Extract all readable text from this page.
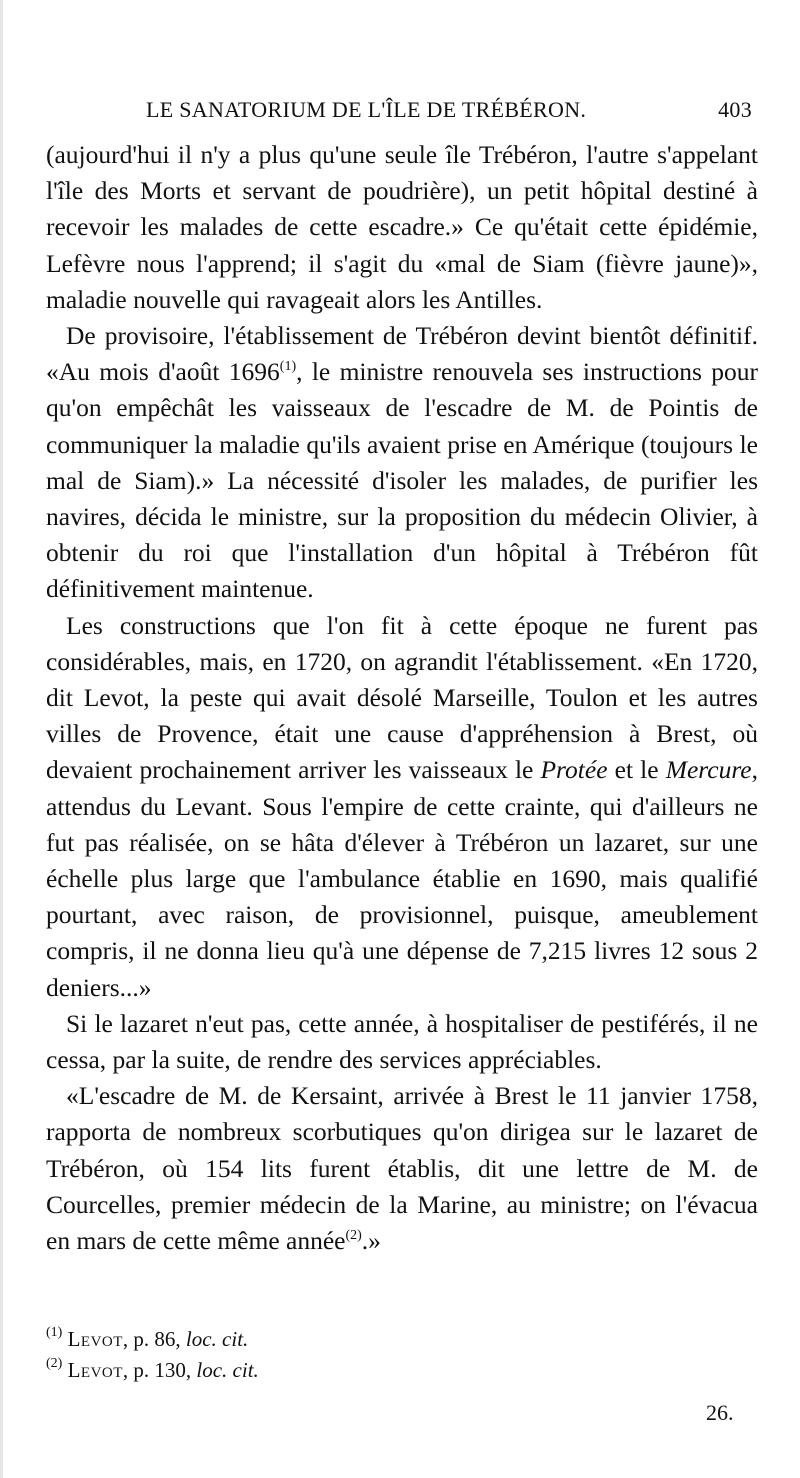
LE SANATORIUM DE L'ÎLE DE TRÉBÉRON.	403

(aujourd'hui il n'y a plus qu'une seule île Trébéron, l'autre s'appelant l'île des Morts et servant de poudrière), un petit hôpital destiné à recevoir les malades de cette escadre.» Ce qu'était cette épidémie, Lefèvre nous l'apprend; il s'agit du «mal de Siam (fièvre jaune)», maladie nouvelle qui ravageait alors les Antilles.

De provisoire, l'établissement de Trébéron devint bientôt définitif. «Au mois d'août 1696$^{(1)}$, le ministre renouvela ses instructions pour qu'on empêchât les vaisseaux de l'escadre de M. de Pointis de communiquer la maladie qu'ils avaient prise en Amérique (toujours le mal de Siam).» La nécessité d'isoler les malades, de purifier les navires, décida le ministre, sur la proposition du médecin Olivier, à obtenir du roi que l'installation d'un hôpital à Trébéron fût définitivement maintenue.

Les constructions que l'on fit à cette époque ne furent pas considérables, mais, en 1720, on agrandit l'établissement. «En 1720, dit Levot, la peste qui avait désolé Marseille, Toulon et les autres villes de Provence, était une cause d'appréhension à Brest, où devaient prochainement arriver les vaisseaux le Protée et le Mercure, attendus du Levant. Sous l'empire de cette crainte, qui d'ailleurs ne fut pas réalisée, on se hâta d'élever à Trébéron un lazaret, sur une échelle plus large que l'ambulance établie en 1690, mais qualifié pourtant, avec raison, de provisionnel, puisque, ameublement compris, il ne donna lieu qu'à une dépense de 7,215 livres 12 sous 2 deniers...»

Si le lazaret n'eut pas, cette année, à hospitaliser de pestiférés, il ne cessa, par la suite, de rendre des services appréciables.

«L'escadre de M. de Kersaint, arrivée à Brest le 11 janvier 1758, rapporta de nombreux scorbutiques qu'on dirigea sur le lazaret de Trébéron, où 154 lits furent établis, dit une lettre de M. de Courcelles, premier médecin de la Marine, au ministre; on l'évacua en mars de cette même année$^{(2)}$.»

$^{(1)}$ Levot, p. 86, loc. cit.
$^{(2)}$ Levot, p. 130, loc. cit.
26.
